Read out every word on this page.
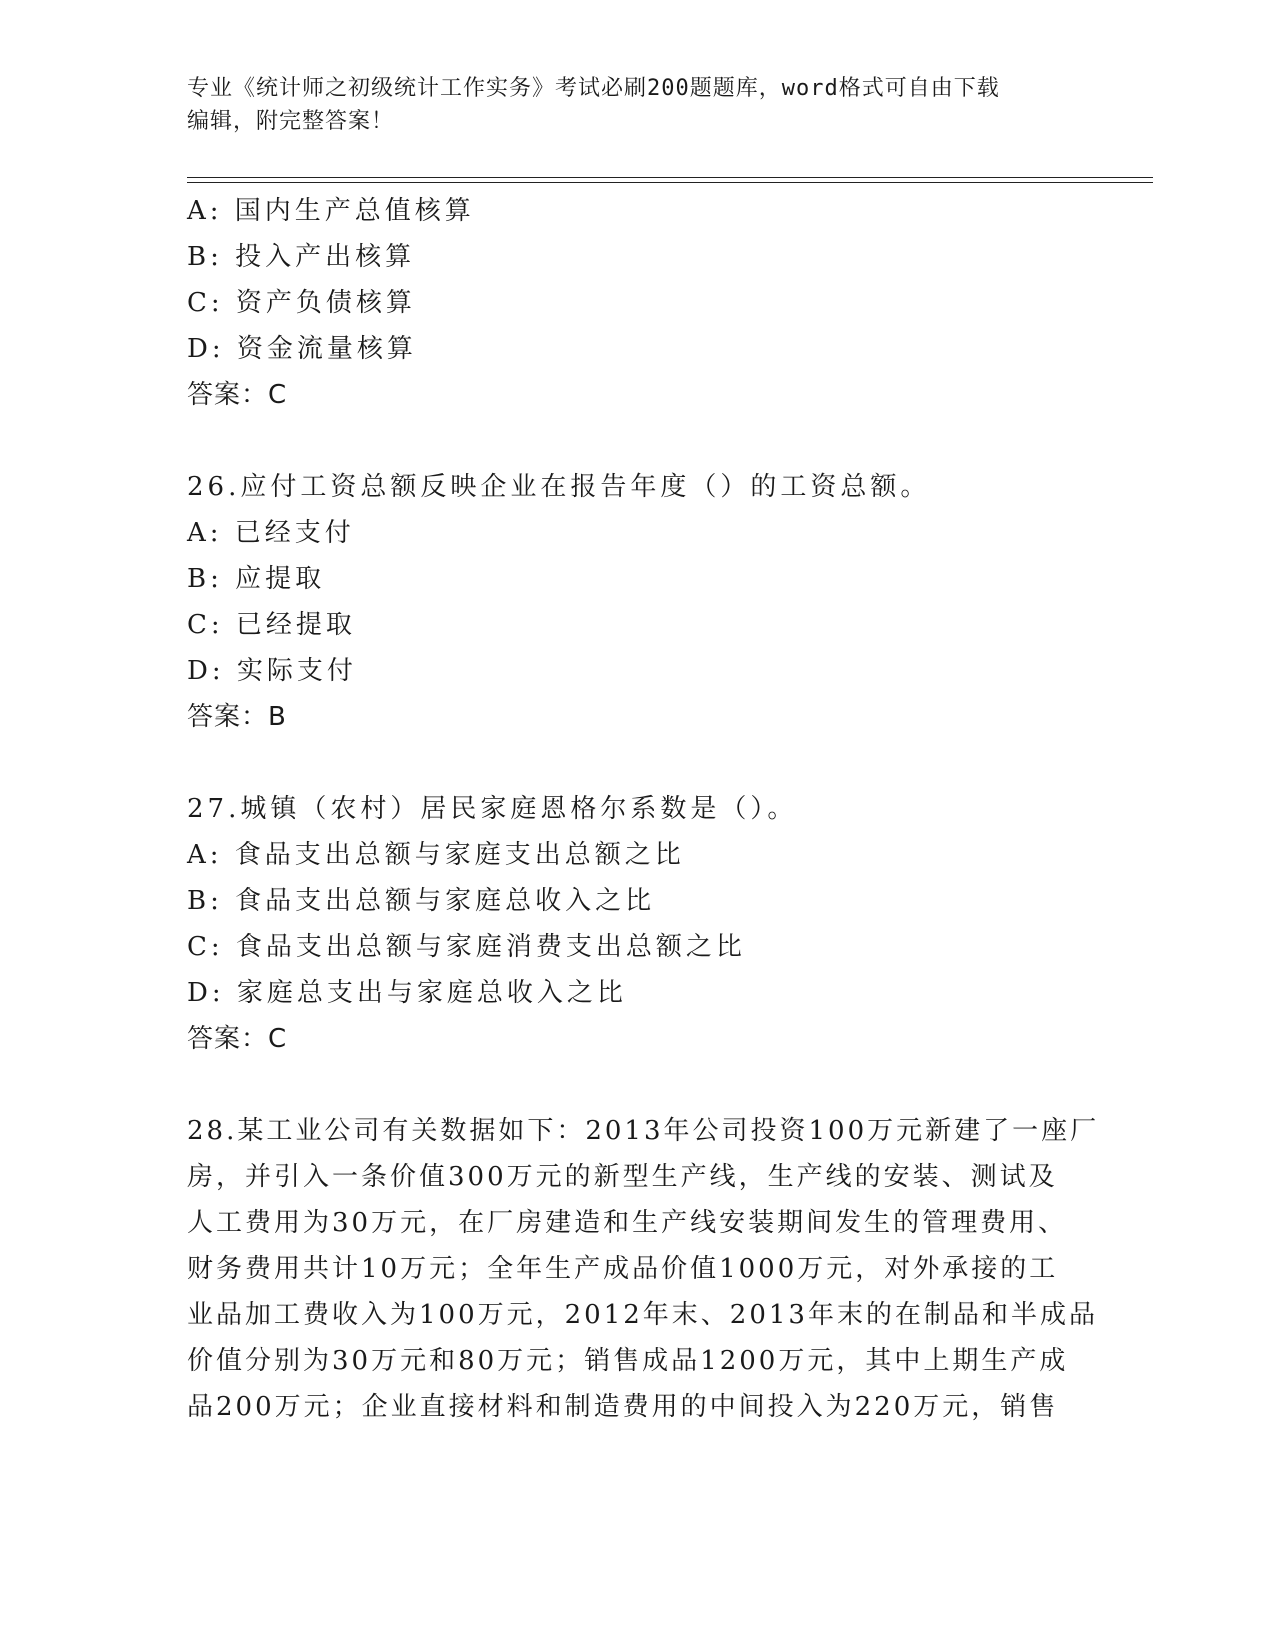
专业《统计师之初级统计工作实务》考试必刷200题题库，word格式可自由下载
编辑，附完整答案！
A: 国内生产总值核算
B: 投入产出核算
C: 资产负债核算
D: 资金流量核算
答案：C
26.应付工资总额反映企业在报告年度（）的工资总额。
A: 已经支付
B: 应提取
C: 已经提取
D: 实际支付
答案：B
27.城镇（农村）居民家庭恩格尔系数是（）。
A: 食品支出总额与家庭支出总额之比
B: 食品支出总额与家庭总收入之比
C: 食品支出总额与家庭消费支出总额之比
D: 家庭总支出与家庭总收入之比
答案：C
28.某工业公司有关数据如下：2013年公司投资100万元新建了一座厂
房，并引入一条价值300万元的新型生产线，生产线的安装、测试及
人工费用为30万元，在厂房建造和生产线安装期间发生的管理费用、
财务费用共计10万元；全年生产成品价值1000万元，对外承接的工
业品加工费收入为100万元，2012年末、2013年末的在制品和半成品
价值分别为30万元和80万元；销售成品1200万元，其中上期生产成
品200万元；企业直接材料和制造费用的中间投入为220万元，销售
